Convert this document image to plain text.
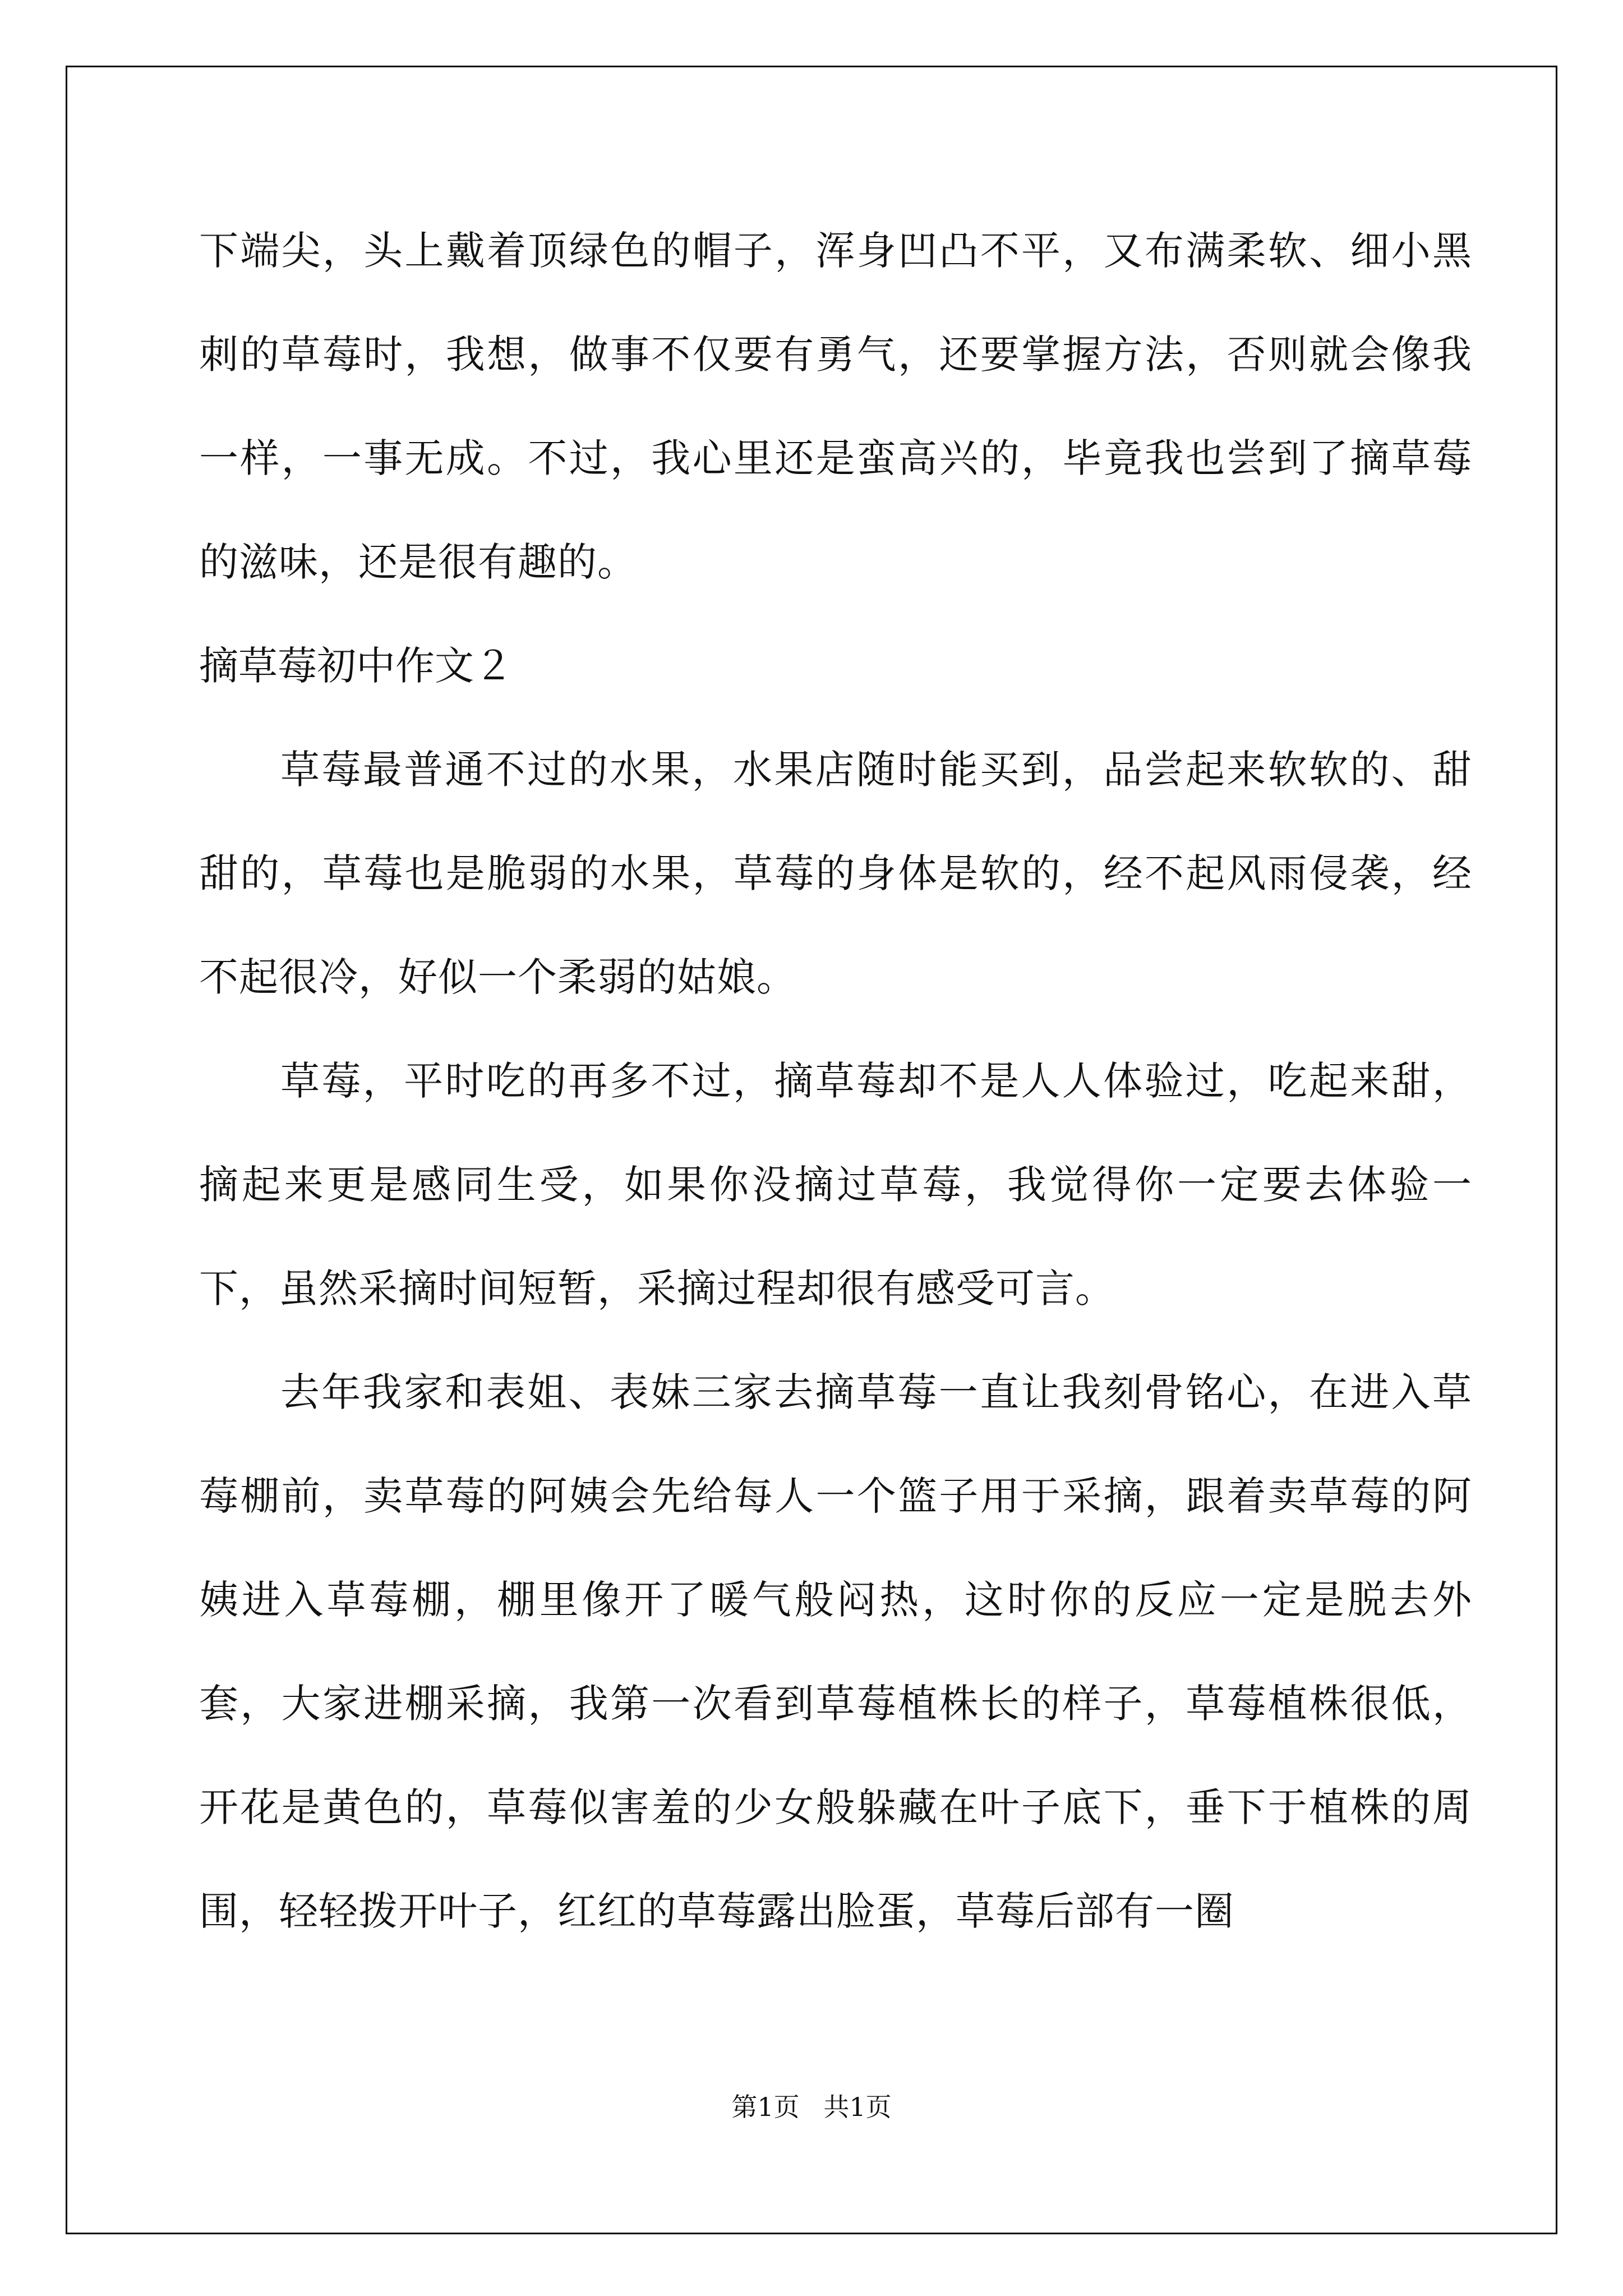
下端尖，头上戴着顶绿色的帽子，浑身凹凸不平，又布满柔软、细小黑刺的草莓时，我想，做事不仅要有勇气，还要掌握方法，否则就会像我一样，一事无成。不过，我心里还是蛮高兴的，毕竟我也尝到了摘草莓的滋味，还是很有趣的。

摘草莓初中作文２

草莓最普通不过的水果，水果店随时能买到，品尝起来软软的、甜甜的，草莓也是脆弱的水果，草莓的身体是软的，经不起风雨侵袭，经不起很冷，好似一个柔弱的姑娘。

草莓，平时吃的再多不过，摘草莓却不是人人体验过，吃起来甜，摘起来更是感同生受，如果你没摘过草莓，我觉得你一定要去体验一下，虽然采摘时间短暂，采摘过程却很有感受可言。

去年我家和表姐、表妹三家去摘草莓一直让我刻骨铭心，在进入草莓棚前，卖草莓的阿姨会先给每人一个篮子用于采摘，跟着卖草莓的阿姨进入草莓棚，棚里像开了暖气般闷热，这时你的反应一定是脱去外套，大家进棚采摘，我第一次看到草莓植株长的样子，草莓植株很低，开花是黄色的，草莓似害羞的少女般躲藏在叶子底下，垂下于植株的周围，轻轻拨开叶子，红红的草莓露出脸蛋，草莓后部有一圈

第1页 共1页
